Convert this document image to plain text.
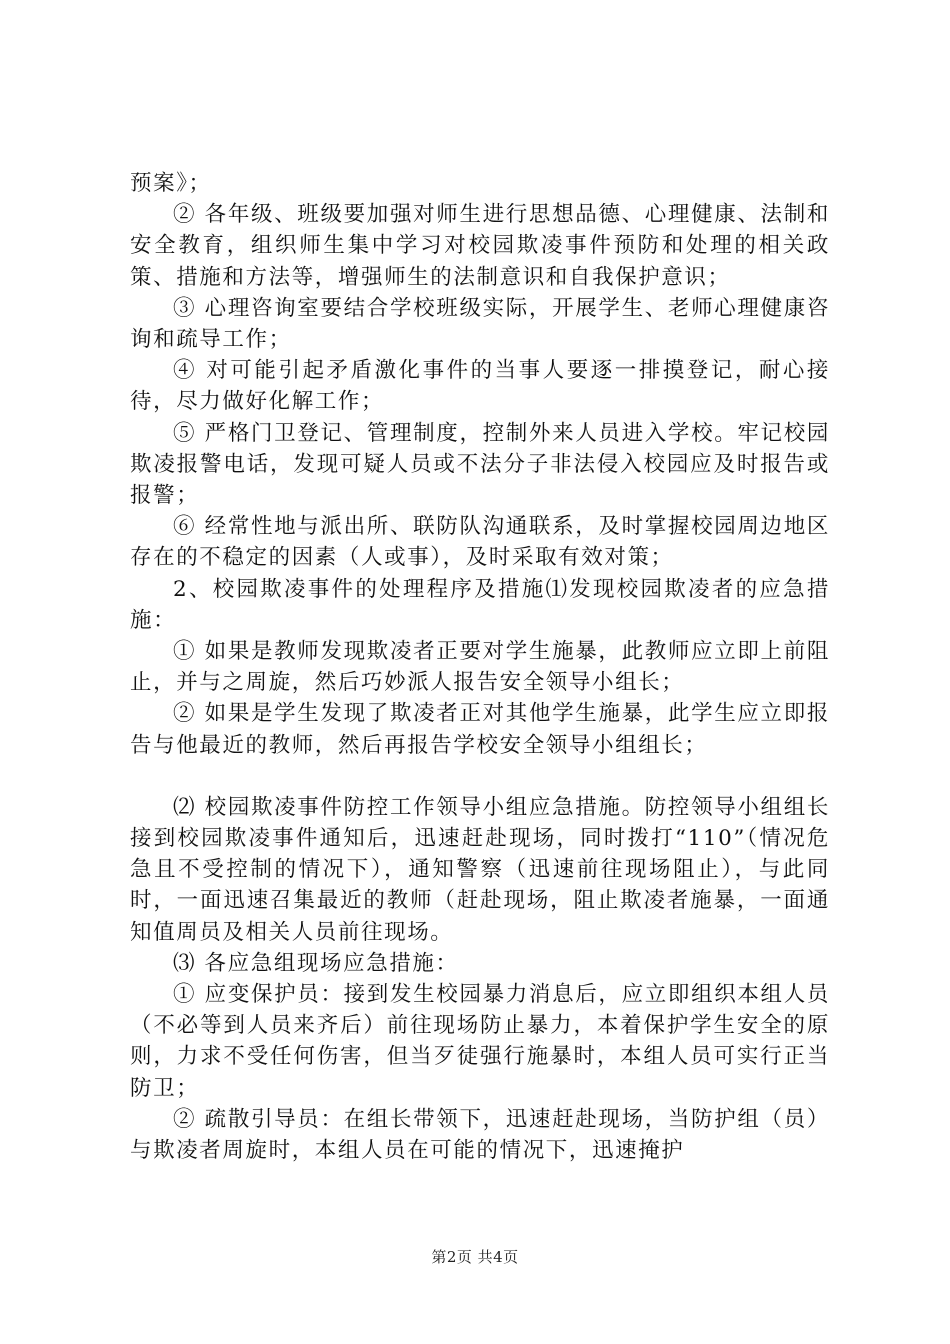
预案》；

② 各年级、班级要加强对师生进行思想品德、心理健康、法制和安全教育，组织师生集中学习对校园欺凌事件预防和处理的相关政策、措施和方法等，增强师生的法制意识和自我保护意识；

③ 心理咨询室要结合学校班级实际，开展学生、老师心理健康咨询和疏导工作；

④ 对可能引起矛盾激化事件的当事人要逐一排摸登记，耐心接待，尽力做好化解工作；

⑤ 严格门卫登记、管理制度，控制外来人员进入学校。牢记校园欺凌报警电话，发现可疑人员或不法分子非法侵入校园应及时报告或报警；

⑥ 经常性地与派出所、联防队沟通联系，及时掌握校园周边地区存在的不稳定的因素（人或事），及时采取有效对策；

2、校园欺凌事件的处理程序及措施⑴发现校园欺凌者的应急措施：

① 如果是教师发现欺凌者正要对学生施暴，此教师应立即上前阻止，并与之周旋，然后巧妙派人报告安全领导小组长；

② 如果是学生发现了欺凌者正对其他学生施暴，此学生应立即报告与他最近的教师，然后再报告学校安全领导小组组长；

⑵ 校园欺凌事件防控工作领导小组应急措施。防控领导小组组长接到校园欺凌事件通知后，迅速赶赴现场，同时拨打“110”（情况危急且不受控制的情况下），通知警察（迅速前往现场阻止），与此同时，一面迅速召集最近的教师（赶赴现场，阻止欺凌者施暴，一面通知值周员及相关人员前往现场。

⑶ 各应急组现场应急措施：

① 应变保护员：接到发生校园暴力消息后，应立即组织本组人员（不必等到人员来齐后）前往现场防止暴力，本着保护学生安全的原则，力求不受任何伤害，但当歹徒强行施暴时，本组人员可实行正当防卫；

② 疏散引导员：在组长带领下，迅速赶赴现场，当防护组（员）与欺凌者周旋时，本组人员在可能的情况下，迅速掩护

第2页 共4页
